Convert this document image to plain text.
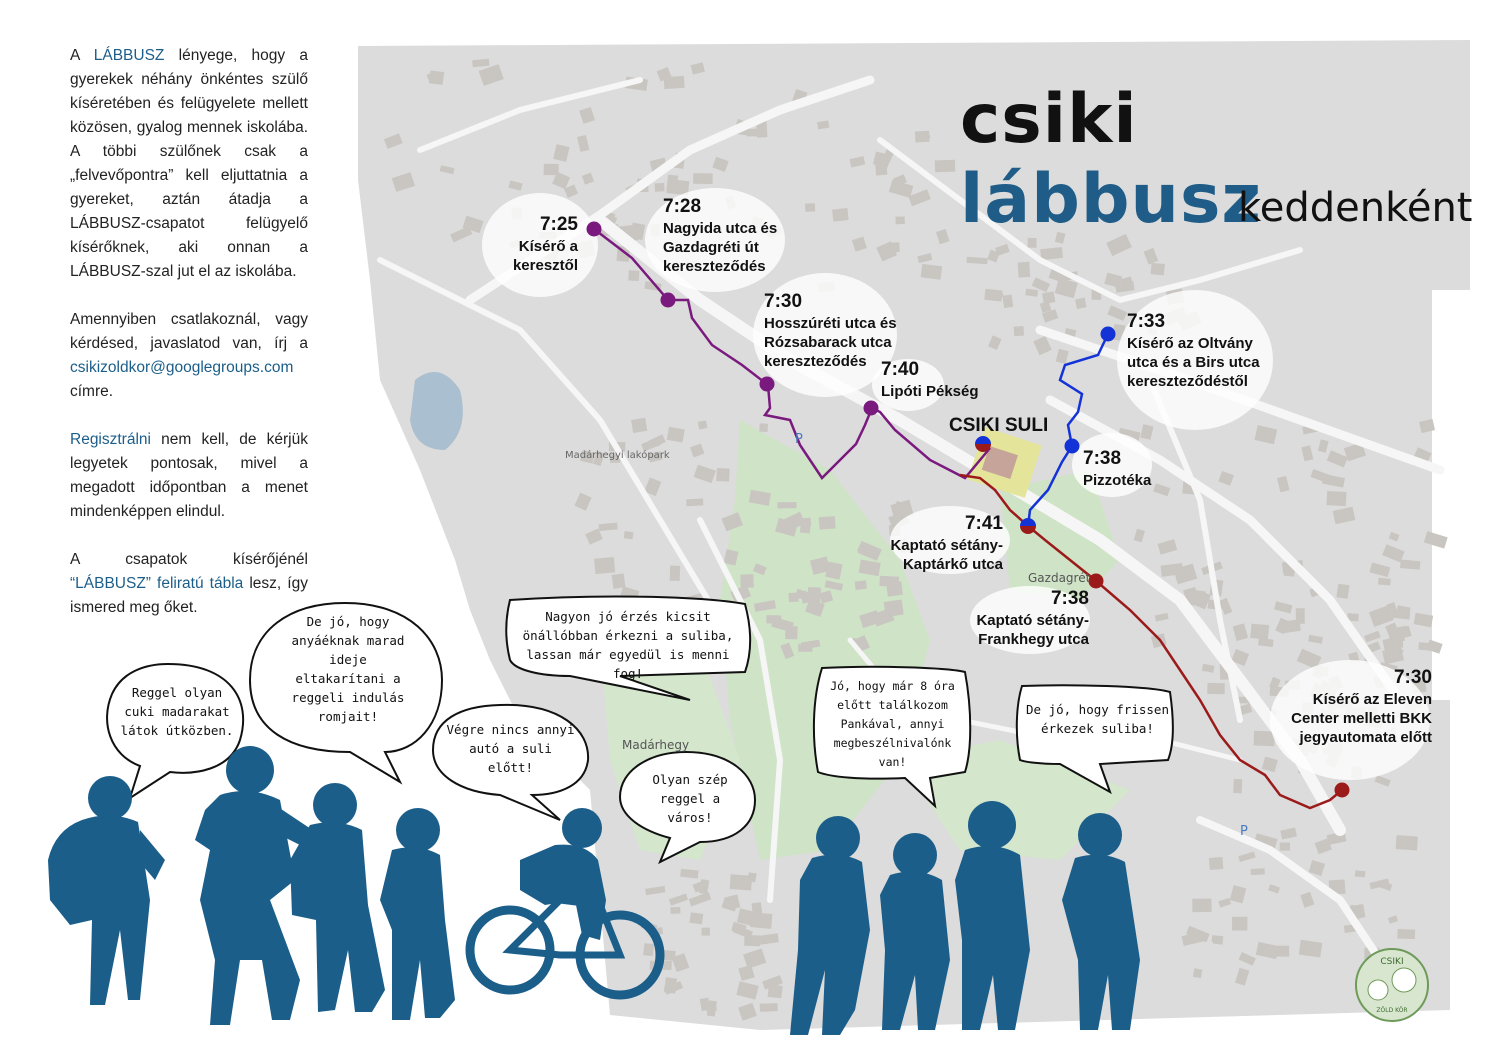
CSIKI
ZÖLD KÖR
Madárhegyi lakópark
Madárhegy
Gazdagrét
P
P

A LÁBBUSZ lényege, hogy a gyerekek néhány önkéntes szülő kíséretében és felügyelete mellett közösen, gyalog mennek iskolába. A többi szülőnek csak a „felvevőpontra” kell eljuttatnia a gyereket, aztán átadja a LÁBBUSZ-csapatot felügyelő kísérőknek, aki onnan a LÁBBUSZ-szal jut el az iskolába.

Amennyiben csatlakoznál, vagy kérdésed, javaslatod van, írj a csikizoldkor@googlegroups.com címre.

Regisztrálni nem kell, de kérjük legyetek pontosak, mivel a megadott időpontban a menet mindenképpen elindul.

A csapatok kísérőjénél “LÁBBUSZ” feliratú tábla lesz, így ismered meg őket.

csiki lábbusz
keddenként
7:25
Kísérő a keresztől
7:28
Nagyida utca és Gazdagréti út kereszteződés
7:30
Hosszúréti utca és Rózsabarack utca kereszteződés 7:40
Lipóti Pékség
CSIKI SULI
7:33
Kísérő az Oltvány utca és a Birs utca kereszteződéstől
7:38
Pizzotéka
7:41
Kaptató sétány-Kaptárkő utca
7:38
Kaptató sétány-Frankhegy utca
7:30
Kísérő az Eleven Center melletti BKK jegyautomata előtt
Reggel olyan cuki madarakat látok útközben.
De jó, hogy anyáéknak marad ideje eltakarítani a reggeli indulás romjait!
Nagyon jó érzés kicsit önállóbban érkezni a suliba, lassan már egyedül is menni fog!
Végre nincs annyi autó a suli előtt!
Olyan szép reggel a város!
Jó, hogy már 8 óra előtt találkozom Pankával, annyi megbeszélnivalónk van!
De jó, hogy frissen érkezek suliba!
